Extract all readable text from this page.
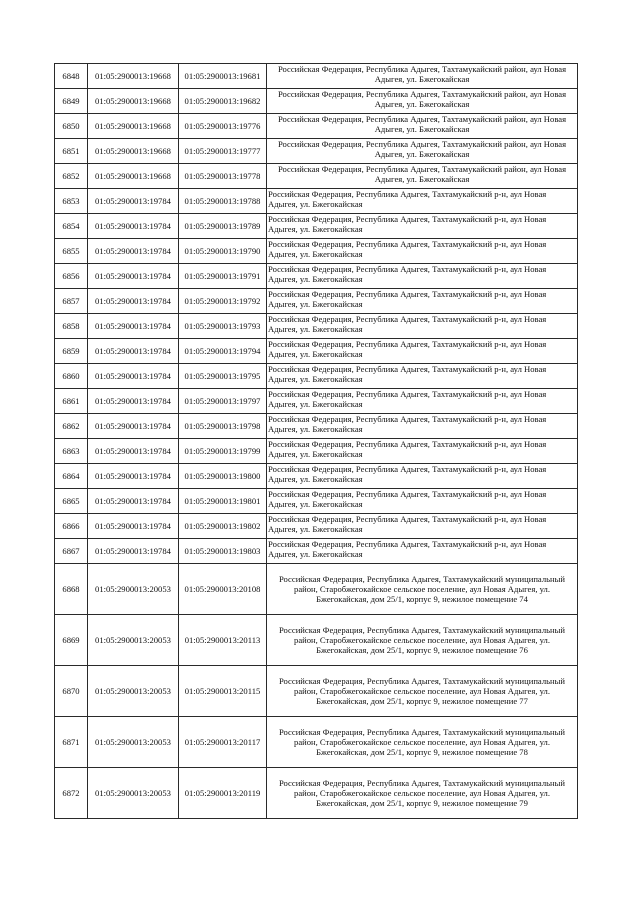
6848	01:05:2900013:19668	01:05:2900013:19681	Российская Федерация, Республика Адыгея, Тахтамукайский район, аул Новая Адыгея, ул. Бжегокайская
6849	01:05:2900013:19668	01:05:2900013:19682	Российская Федерация, Республика Адыгея, Тахтамукайский район, аул Новая Адыгея, ул. Бжегокайская
6850	01:05:2900013:19668	01:05:2900013:19776	Российская Федерация, Республика Адыгея, Тахтамукайский район, аул Новая Адыгея, ул. Бжегокайская
6851	01:05:2900013:19668	01:05:2900013:19777	Российская Федерация, Республика Адыгея, Тахтамукайский район, аул Новая Адыгея, ул. Бжегокайская
6852	01:05:2900013:19668	01:05:2900013:19778	Российская Федерация, Республика Адыгея, Тахтамукайский район, аул Новая Адыгея, ул. Бжегокайская
6853	01:05:2900013:19784	01:05:2900013:19788	Российская Федерация, Республика Адыгея, Тахтамукайский р-н, аул Новая Адыгея, ул. Бжегокайская
6854	01:05:2900013:19784	01:05:2900013:19789	Российская Федерация, Республика Адыгея, Тахтамукайский р-н, аул Новая Адыгея, ул. Бжегокайская
6855	01:05:2900013:19784	01:05:2900013:19790	Российская Федерация, Республика Адыгея, Тахтамукайский р-н, аул Новая Адыгея, ул. Бжегокайская
6856	01:05:2900013:19784	01:05:2900013:19791	Российская Федерация, Республика Адыгея, Тахтамукайский р-н, аул Новая Адыгея, ул. Бжегокайская
6857	01:05:2900013:19784	01:05:2900013:19792	Российская Федерация, Республика Адыгея, Тахтамукайский р-н, аул Новая Адыгея, ул. Бжегокайская
6858	01:05:2900013:19784	01:05:2900013:19793	Российская Федерация, Республика Адыгея, Тахтамукайский р-н, аул Новая Адыгея, ул. Бжегокайская
6859	01:05:2900013:19784	01:05:2900013:19794	Российская Федерация, Республика Адыгея, Тахтамукайский р-н, аул Новая Адыгея, ул. Бжегокайская
6860	01:05:2900013:19784	01:05:2900013:19795	Российская Федерация, Республика Адыгея, Тахтамукайский р-н, аул Новая Адыгея, ул. Бжегокайская
6861	01:05:2900013:19784	01:05:2900013:19797	Российская Федерация, Республика Адыгея, Тахтамукайский р-н, аул Новая Адыгея, ул. Бжегокайская
6862	01:05:2900013:19784	01:05:2900013:19798	Российская Федерация, Республика Адыгея, Тахтамукайский р-н, аул Новая Адыгея, ул. Бжегокайская
6863	01:05:2900013:19784	01:05:2900013:19799	Российская Федерация, Республика Адыгея, Тахтамукайский р-н, аул Новая Адыгея, ул. Бжегокайская
6864	01:05:2900013:19784	01:05:2900013:19800	Российская Федерация, Республика Адыгея, Тахтамукайский р-н, аул Новая Адыгея, ул. Бжегокайская
6865	01:05:2900013:19784	01:05:2900013:19801	Российская Федерация, Республика Адыгея, Тахтамукайский р-н, аул Новая Адыгея, ул. Бжегокайская
6866	01:05:2900013:19784	01:05:2900013:19802	Российская Федерация, Республика Адыгея, Тахтамукайский р-н, аул Новая Адыгея, ул. Бжегокайская
6867	01:05:2900013:19784	01:05:2900013:19803	Российская Федерация, Республика Адыгея, Тахтамукайский р-н, аул Новая Адыгея, ул. Бжегокайская
6868	01:05:2900013:20053	01:05:2900013:20108	Российская Федерация, Республика Адыгея, Тахтамукайский муниципальный район, Старобжегокайское сельское поселение, аул Новая Адыгея, ул. Бжегокайская, дом 25/1, корпус 9, нежилое помещение 74
6869	01:05:2900013:20053	01:05:2900013:20113	Российская Федерация, Республика Адыгея, Тахтамукайский муниципальный район, Старобжегокайское сельское поселение, аул Новая Адыгея, ул. Бжегокайская, дом 25/1, корпус 9, нежилое помещение 76
6870	01:05:2900013:20053	01:05:2900013:20115	Российская Федерация, Республика Адыгея, Тахтамукайский муниципальный район, Старобжегокайское сельское поселение, аул Новая Адыгея, ул. Бжегокайская, дом 25/1, корпус 9, нежилое помещение 77
6871	01:05:2900013:20053	01:05:2900013:20117	Российская Федерация, Республика Адыгея, Тахтамукайский муниципальный район, Старобжегокайское сельское поселение, аул Новая Адыгея, ул. Бжегокайская, дом 25/1, корпус 9, нежилое помещение 78
6872	01:05:2900013:20053	01:05:2900013:20119	Российская Федерация, Республика Адыгея, Тахтамукайский муниципальный район, Старобжегокайское сельское поселение, аул Новая Адыгея, ул. Бжегокайская, дом 25/1, корпус 9, нежилое помещение 79
